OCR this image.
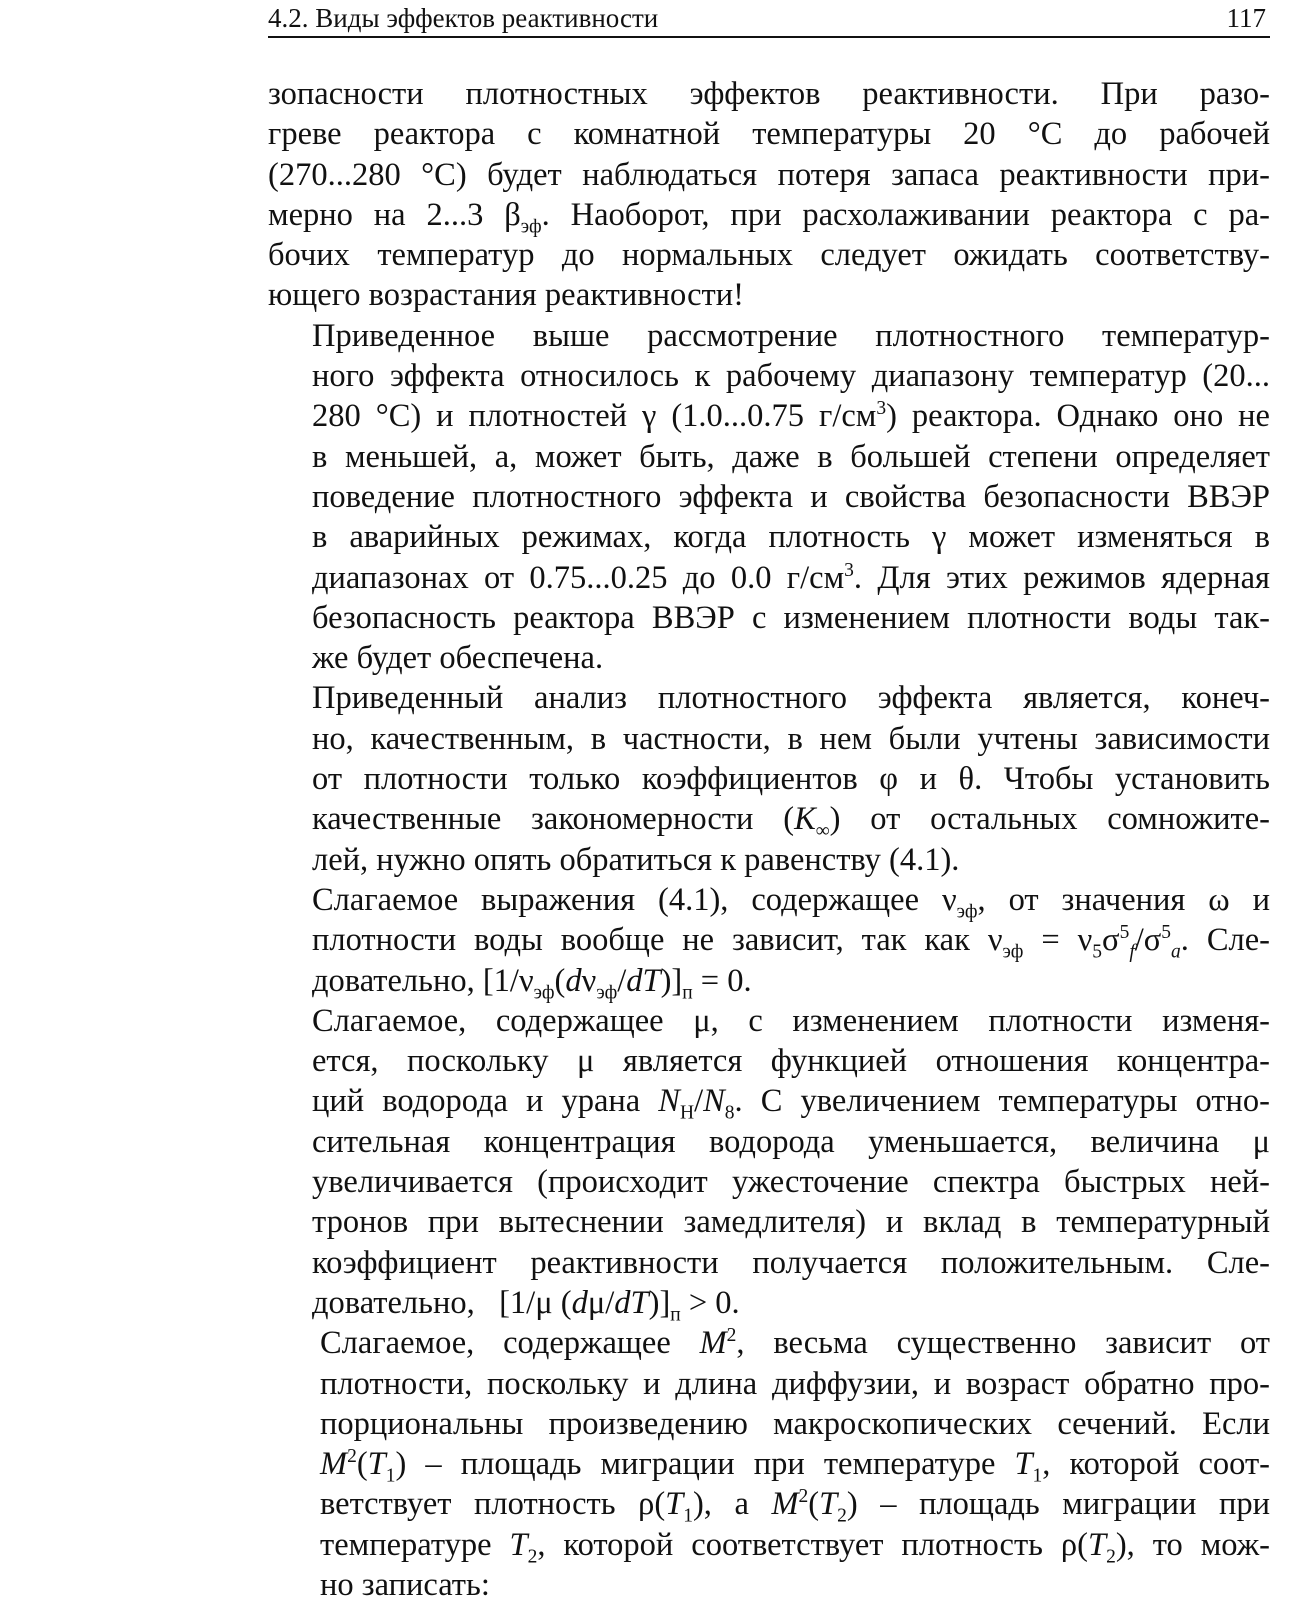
4.2. Виды эффектов реактивности	117

зопасности плотностных эффектов реактивности. При разо-
греве реактора с комнатной температуры 20 °С до рабочей
(270...280 °С) будет наблюдаться потеря запаса реактивности при-
мерно на 2...3 $\beta_{эф}$. Наоборот, при расхолаживании реактора с ра-
бочих температур до нормальных следует ожидать соответству-
ющего возрастания реактивности!

Приведенное выше рассмотрение плотностного температур-
ного эффекта относилось к рабочему диапазону температур (20...
280 °С) и плотностей γ (1.0...0.75 $г/см^3$) реактора. Однако оно не
в меньшей, а, может быть, даже в большей степени определяет
поведение плотностного эффекта и свойства безопасности ВВЭР
в аварийных режимах, когда плотность γ может изменяться в
диапазонах от 0.75...0.25 до 0.0 $г/см^3$. Для этих режимов ядерная
безопасность реактора ВВЭР с изменением плотности воды так-
же будет обеспечена.

Приведенный анализ плотностного эффекта является, конеч-
но, качественным, в частности, в нем были учтены зависимости
от плотности только коэффициентов φ и θ. Чтобы установить
качественные закономерности $(K_\infty)$ от остальных сомножите-
лей, нужно опять обратиться к равенству (4.1).

Слагаемое выражения (4.1), содержащее $\nu_{эф}$, от значения ω и
плотности воды вообще не зависит, так как $\nu_{эф} = \nu_5\sigma^5_f/\sigma^5_a$. Сле-
довательно, $[1/\nu_{эф}(d\nu_{эф}/dT)]_п = 0$.

Слагаемое, содержащее μ, с изменением плотности изменя-
ется, поскольку μ является функцией отношения концентра-
ций водорода и урана $N_H/N_8$. С увеличением температуры отно-
сительная концентрация водорода уменьшается, величина μ
увеличивается (происходит ужесточение спектра быстрых ней-
тронов при вытеснении замедлителя) и вклад в температурный
коэффициент реактивности получается положительным. Сле-
довательно,   [1/μ $(d\mu/dT)]_п > 0$.

Слагаемое, содержащее $M^2$, весьма существенно зависит от
плотности, поскольку и длина диффузии, и возраст обратно про-
порциональны произведению макроскопических сечений. Если
$M^2(T_1)$ – площадь миграции при температуре $T_1$, которой соот-
ветствует плотность $\rho(T_1)$, а $M^2(T_2)$ – площадь миграции при
температуре $T_2$, которой соответствует плотность $\rho(T_2)$, то мож-
но записать:
